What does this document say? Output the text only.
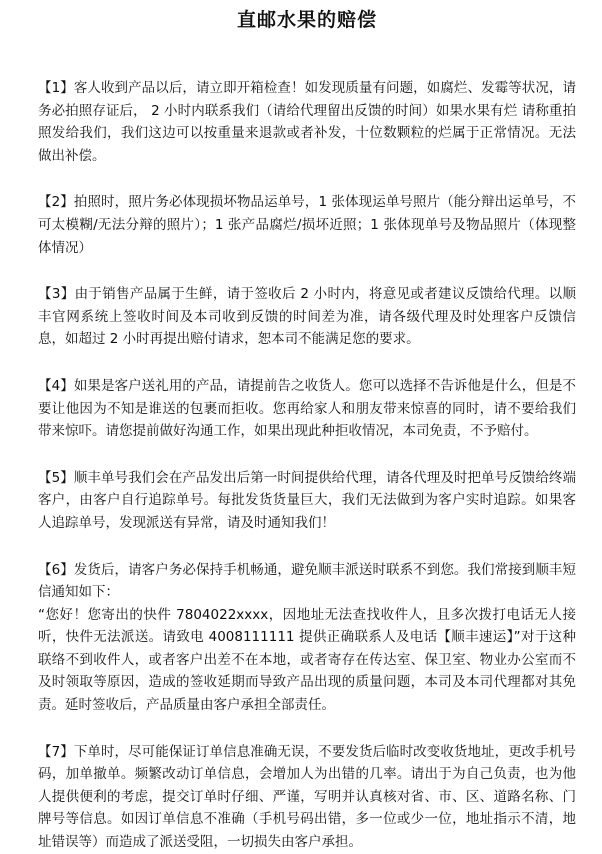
直邮水果的赔偿

【1】客人收到产品以后，请立即开箱检查！如发现质量有问题，如腐烂、发霉等状况，请务必拍照存证后， 2 小时内联系我们（请给代理留出反馈的时间）如果水果有烂 请称重拍照发给我们，我们这边可以按重量来退款或者补发，十位数颗粒的烂属于正常情况。无法做出补偿。

【2】拍照时，照片务必体现损坏物品运单号，1 张体现运单号照片（能分辩出运单号，不可太模糊/无法分辩的照片）；1 张产品腐烂/损坏近照；1 张体现单号及物品照片（体现整体情况）

【3】由于销售产品属于生鲜，请于签收后 2 小时内，将意见或者建议反馈给代理。以顺丰官网系统上签收时间及本司收到反馈的时间差为准，请各级代理及时处理客户反馈信息，如超过 2 小时再提出赔付请求，恕本司不能满足您的要求。

【4】如果是客户送礼用的产品，请提前告之收货人。您可以选择不告诉他是什么，但是不要让他因为不知是谁送的包裹而拒收。您再给家人和朋友带来惊喜的同时，请不要给我们带来惊吓。请您提前做好沟通工作，如果出现此种拒收情况，本司免责，不予赔付。

【5】顺丰单号我们会在产品发出后第一时间提供给代理，请各代理及时把单号反馈给终端客户，由客户自行追踪单号。每批发货货量巨大，我们无法做到为客户实时追踪。如果客人追踪单号，发现派送有异常，请及时通知我们！

【6】发货后，请客户务必保持手机畅通，避免顺丰派送时联系不到您。我们常接到顺丰短信通知如下：
“您好！您寄出的快件 7804022xxxx，因地址无法查找收件人，且多次拨打电话无人接听，快件无法派送。请致电 4008111111 提供正确联系人及电话【顺丰速运】”对于这种联络不到收件人，或者客户出差不在本地，或者寄存在传达室、保卫室、物业办公室而不及时领取等原因，造成的签收延期而导致产品出现的质量问题，本司及本司代理都对其免责。延时签收后，产品质量由客户承担全部责任。

【7】下单时，尽可能保证订单信息准确无误，不要发货后临时改变收货地址，更改手机号码，加单撤单。频繁改动订单信息，会增加人为出错的几率。请出于为自己负责，也为他人提供便利的考虑，提交订单时仔细、严谨，写明并认真核对省、市、区、道路名称、门牌号等信息。如因订单信息不准确（手机号码出错，多一位或少一位，地址指示不清，地址错误等）而造成了派送受阻，一切损失由客户承担。
